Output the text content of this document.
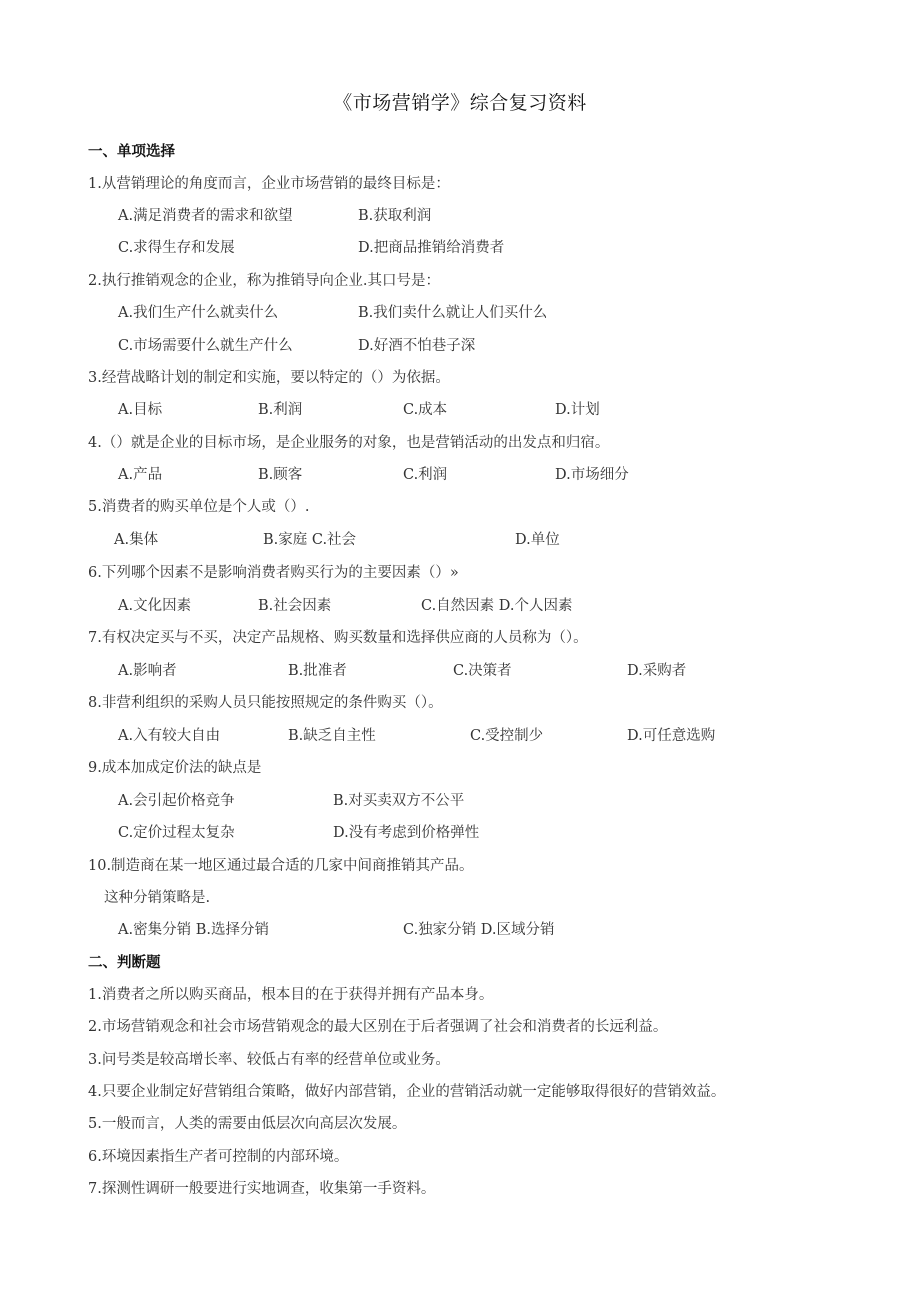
《市场营销学》综合复习资料
一、单项选择
1.从营销理论的角度而言，企业市场营销的最终目标是：
A.满足消费者的需求和欲望	B.获取利润
C.求得生存和发展	D.把商品推销给消费者
2.执行推销观念的企业，称为推销导向企业.其口号是：
A.我们生产什么就卖什么	B.我们卖什么就让人们买什么
C.市场需要什么就生产什么	D.好酒不怕巷子深
3.经营战略计划的制定和实施，要以特定的（）为依据。
A.目标	B.利润	C.成本	D.计划
4.（）就是企业的目标市场，是企业服务的对象，也是营销活动的出发点和归宿。
A.产品	B.顾客	C.利润	D.市场细分
5.消费者的购买单位是个人或（）.
A.集体	B.家庭 C.社会	D.单位
6.下列哪个因素不是影响消费者购买行为的主要因素（）»
A.文化因素	B.社会因素	C.自然因素 D.个人因素
7.有权决定买与不买，决定产品规格、购买数量和选择供应商的人员称为（）。
A.影响者	B.批准者	C.决策者	D.采购者
8.非营利组织的采购人员只能按照规定的条件购买（）。
A.入有较大自由	B.缺乏自主性	C.受控制少	D.可任意选购
9.成本加成定价法的缺点是
A.会引起价格竞争	B.对买卖双方不公平
C.定价过程太复杂	D.没有考虑到价格弹性
10.制造商在某一地区通过最合适的几家中间商推销其产品。
这种分销策略是.
A.密集分销 B.选择分销	C.独家分销 D.区域分销
二、判断题
1.消费者之所以购买商品，根本目的在于获得并拥有产品本身。
2.市场营销观念和社会市场营销观念的最大区别在于后者强调了社会和消费者的长远利益。
3.问号类是较高增长率、较低占有率的经营单位或业务。
4.只要企业制定好营销组合策略，做好内部营销，企业的营销活动就一定能够取得很好的营销效益。
5.一般而言，人类的需要由低层次向高层次发展。
6.环境因素指生产者可控制的内部环境。
7.探测性调研一般要进行实地调查，收集第一手资料。
